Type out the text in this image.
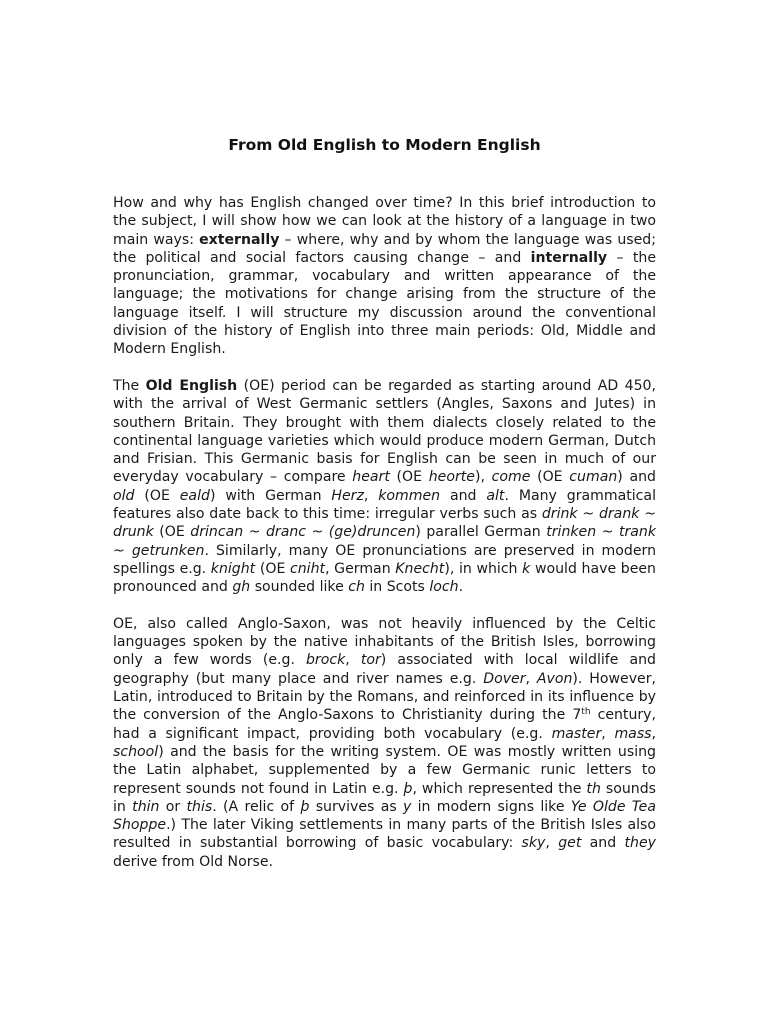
From Old English to Modern English

How and why has English changed over time? In this brief introduction to the subject, I will show how we can look at the history of a language in two main ways: externally – where, why and by whom the language was used; the political and social factors causing change – and internally – the pronunciation, grammar, vocabulary and written appearance of the language; the motivations for change arising from the structure of the language itself. I will structure my discussion around the conventional division of the history of English into three main periods: Old, Middle and Modern English.

The Old English (OE) period can be regarded as starting around AD 450, with the arrival of West Germanic settlers (Angles, Saxons and Jutes) in southern Britain. They brought with them dialects closely related to the continental language varieties which would produce modern German, Dutch and Frisian. This Germanic basis for English can be seen in much of our everyday vocabulary – compare heart (OE heorte), come (OE cuman) and old (OE eald) with German Herz, kommen and alt. Many grammatical features also date back to this time: irregular verbs such as drink ~ drank ~ drunk (OE drincan ~ dranc ~ (ge)druncen) parallel German trinken ~ trank ~ getrunken. Similarly, many OE pronunciations are preserved in modern spellings e.g. knight (OE cniht, German Knecht), in which k would have been pronounced and gh sounded like ch in Scots loch.

OE, also called Anglo-Saxon, was not heavily influenced by the Celtic languages spoken by the native inhabitants of the British Isles, borrowing only a few words (e.g. brock, tor) associated with local wildlife and geography (but many place and river names e.g. Dover, Avon). However, Latin, introduced to Britain by the Romans, and reinforced in its influence by the conversion of the Anglo-Saxons to Christianity during the 7th century, had a significant impact, providing both vocabulary (e.g. master, mass, school) and the basis for the writing system. OE was mostly written using the Latin alphabet, supplemented by a few Germanic runic letters to represent sounds not found in Latin e.g. þ, which represented the th sounds in thin or this. (A relic of þ survives as y in modern signs like Ye Olde Tea Shoppe.) The later Viking settlements in many parts of the British Isles also resulted in substantial borrowing of basic vocabulary: sky, get and they derive from Old Norse.
